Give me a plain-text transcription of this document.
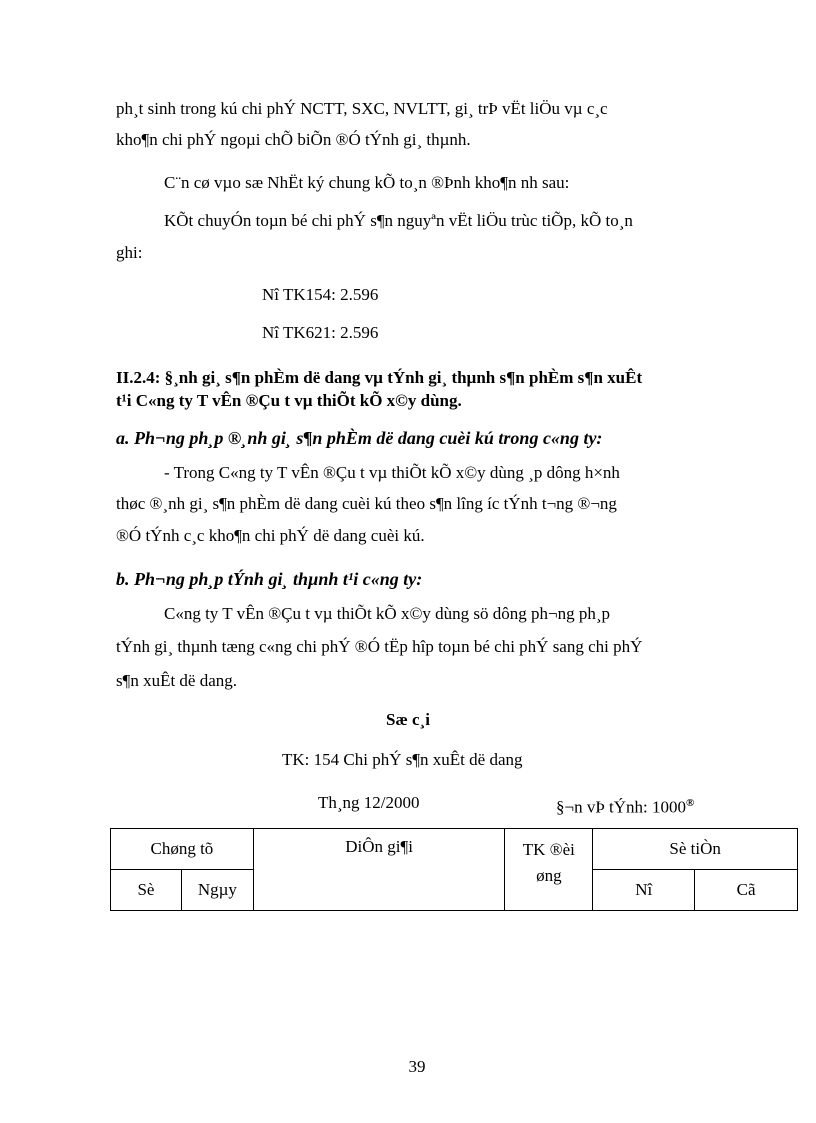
ph¸t sinh trong kú chi phÝ NCTT, SXC, NVLTT, gi¸ trÞ vËt liÖu vµ c¸c
kho¶n chi phÝ ngoµi chÕ biÕn ®Ó tÝnh gi¸ thµnh.
C¨n cø vµo sæ NhËt ký chung kÕ to¸n ®Þnh kho¶n nh sau:
KÕt chuyÓn toµn bé chi phÝ s¶n nguyªn vËt liÖu trùc tiÕp, kÕ to¸n
ghi:
Nî TK154: 2.596
Nî TK621: 2.596
II.2.4: §¸nh gi¸ s¶n phÈm dë dang vµ tÝnh gi¸ thµnh s¶n phÈm s¶n xuÊt
t¹i C«ng ty T vÊn ®Çu t vµ thiÕt kÕ x©y dùng.
a. Ph¬ng ph¸p ®¸nh gi¸ s¶n phÈm dë dang cuèi kú trong c«ng ty:
- Trong C«ng ty T vÊn ®Çu t vµ thiÕt kÕ x©y dùng ¸p dông h×nh
thøc ®¸nh gi¸ s¶n phÈm dë dang cuèi kú theo s¶n lîng íc tÝnh t¬ng ®¬ng
®Ó tÝnh c¸c kho¶n chi phÝ dë dang cuèi kú.
b. Ph¬ng ph¸p tÝnh gi¸ thµnh t¹i c«ng ty:
C«ng ty T vÊn ®Çu t vµ thiÕt kÕ x©y dùng sö dông ph¬ng ph¸p
tÝnh gi¸ thµnh tæng c«ng chi phÝ ®Ó tËp hîp toµn bé chi phÝ sang chi phÝ
s¶n xuÊt dë dang.
Sæ c¸i
TK: 154 Chi phÝ s¶n xuÊt dë dang
Th¸ng 12/2000	§¬n vÞ tÝnh: 1000®
Chøng tõ		DiÔn gi¶i	TK ®èi øng	Sè tiÒn	
Sè	Ngµy			Nî	Cã
39
